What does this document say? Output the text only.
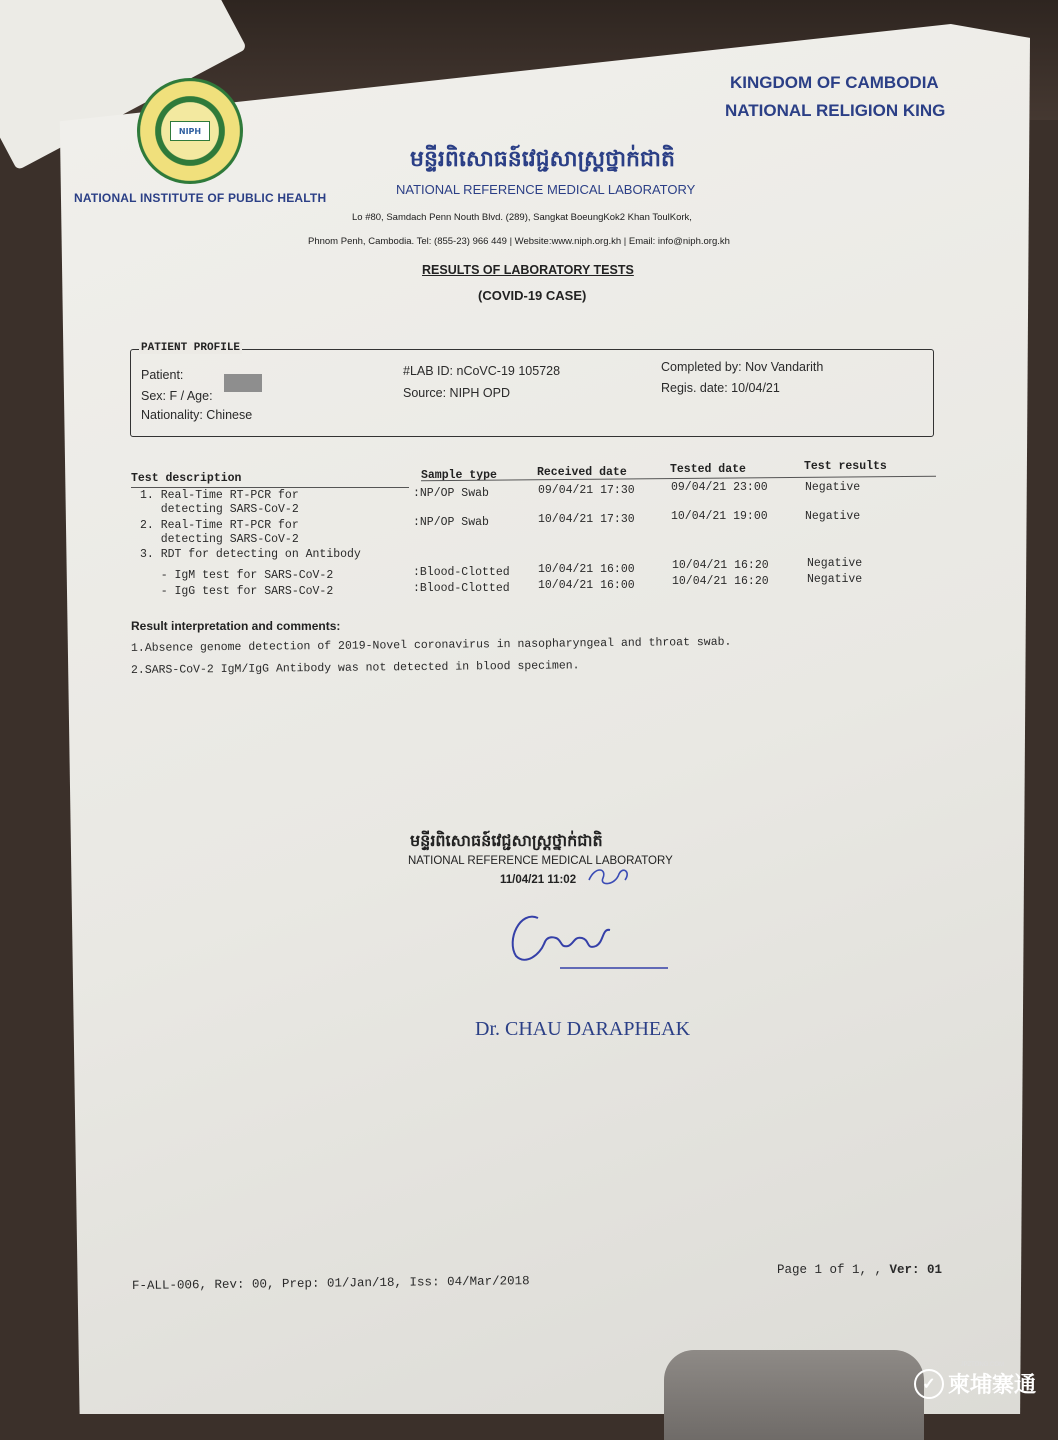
NIPH
NATIONAL INSTITUTE OF PUBLIC HEALTH
KINGDOM OF CAMBODIA
NATIONAL RELIGION KING
មន្ទីរពិសោធន៍វេជ្ជសាស្ត្រថ្នាក់ជាតិ
NATIONAL REFERENCE MEDICAL LABORATORY
Lo #80, Samdach Penn Nouth Blvd. (289), Sangkat BoeungKok2 Khan ToulKork,
Phnom Penh, Cambodia. Tel: (855-23) 966 449 | Website:www.niph.org.kh | Email: info@niph.org.kh
RESULTS OF LABORATORY TESTS
(COVID-19 CASE)
PATIENT PROFILE
Patient:
Sex: F / Age:
Nationality: Chinese
#LAB ID: nCoVC-19 105728
Source: NIPH OPD
Completed by: Nov Vandarith
Regis. date: 10/04/21
Test description	Sample type	Received date	Tested date	Test results
1. Real-Time RT-PCR for
detecting SARS-CoV-2
:NP/OP Swab	09/04/21 17:30	09/04/21 23:00	Negative
2. Real-Time RT-PCR for
detecting SARS-CoV-2
:NP/OP Swab	10/04/21 17:30	10/04/21 19:00	Negative
3. RDT for detecting on Antibody
- IgM test for SARS-CoV-2	:Blood-Clotted 10/04/21 16:00	10/04/21 16:20	Negative
- IgG test for SARS-CoV-2	:Blood-Clotted 10/04/21 16:00	10/04/21 16:20	Negative
Result interpretation and comments:
1.Absence genome detection of 2019-Novel coronavirus in nasopharyngeal and throat swab.
2.SARS-CoV-2 IgM/IgG Antibody was not detected in blood specimen.
មន្ទីរពិសោធន៍វេជ្ជសាស្ត្រថ្នាក់ជាតិ
NATIONAL REFERENCE MEDICAL LABORATORY
11/04/21 11:02
Dr. CHAU DARAPHEAK
F-ALL-006, Rev: 00, Prep: 01/Jan/18, Iss: 04/Mar/2018
Page 1 of 1, , Ver: 01
JPZTONG.COM
✓ 柬埔寨通
